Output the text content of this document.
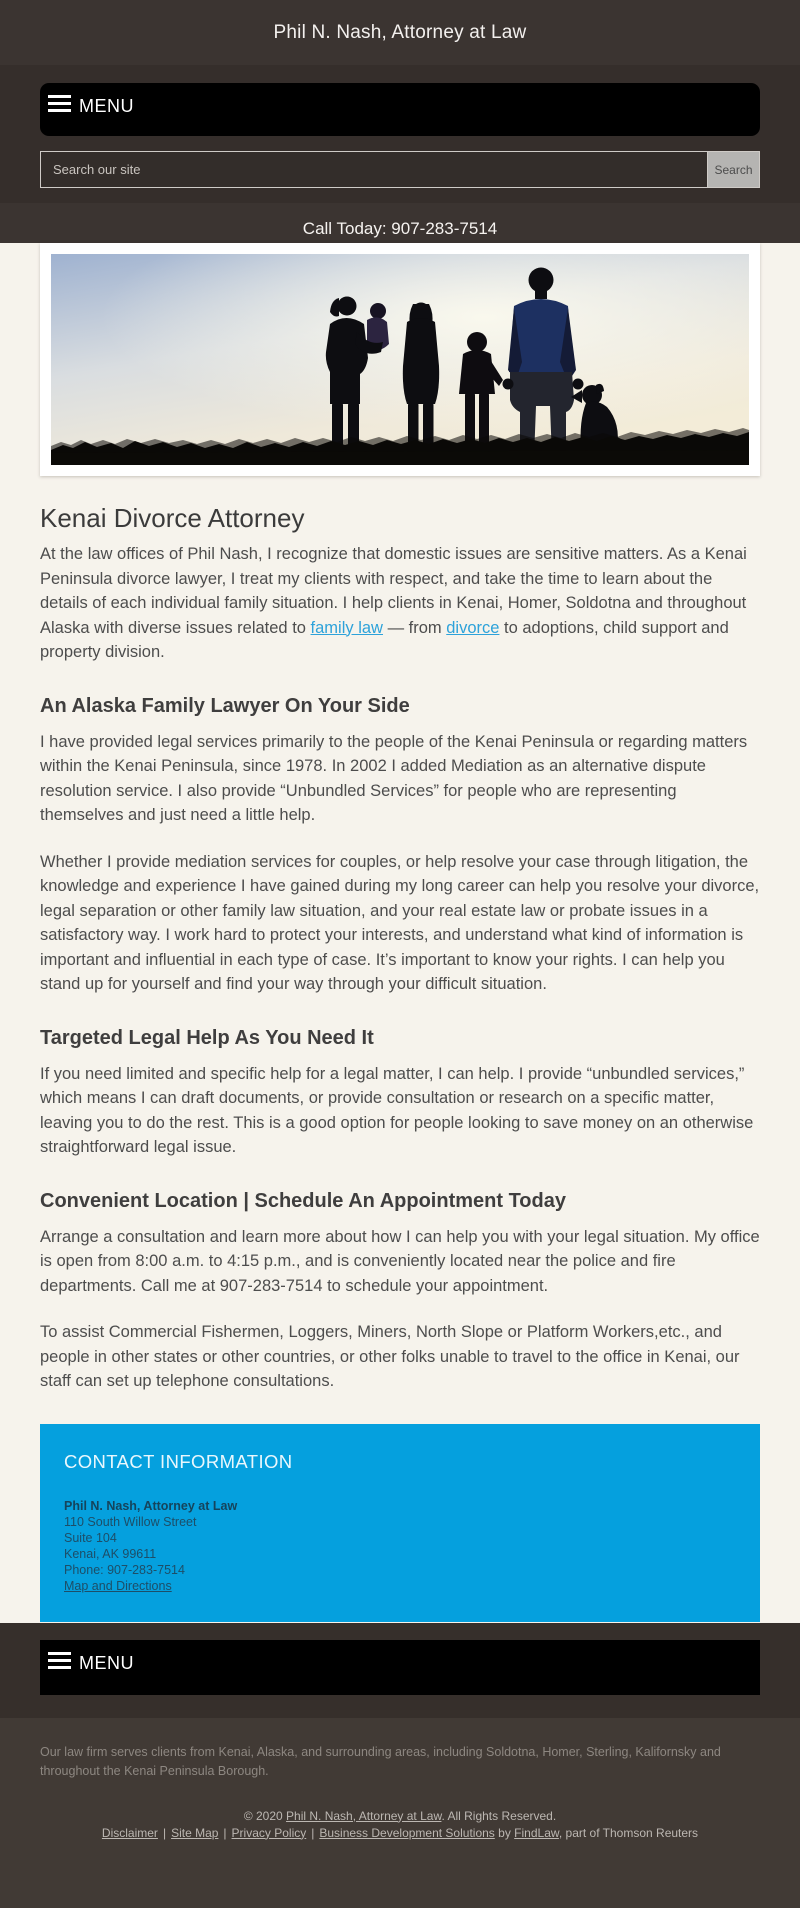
Phil N. Nash, Attorney at Law
MENU
Search our site
Search
Call Today: 907-283-7514
Kenai Divorce Attorney

At the law offices of Phil Nash, I recognize that domestic issues are sensitive matters. As a Kenai Peninsula divorce lawyer, I treat my clients with respect, and take the time to learn about the details of each individual family situation. I help clients in Kenai, Homer, Soldotna and throughout Alaska with diverse issues related to family law — from divorce to adoptions, child support and property division.

An Alaska Family Lawyer On Your Side

I have provided legal services primarily to the people of the Kenai Peninsula or regarding matters within the Kenai Peninsula, since 1978. In 2002 I added Mediation as an alternative dispute resolution service. I also provide “Unbundled Services” for people who are representing themselves and just need a little help.

Whether I provide mediation services for couples, or help resolve your case through litigation, the knowledge and experience I have gained during my long career can help you resolve your divorce, legal separation or other family law situation, and your real estate law or probate issues in a satisfactory way. I work hard to protect your interests, and understand what kind of information is important and influential in each type of case. It’s important to know your rights. I can help you stand up for yourself and find your way through your difficult situation.

Targeted Legal Help As You Need It

If you need limited and specific help for a legal matter, I can help. I provide “unbundled services,” which means I can draft documents, or provide consultation or research on a specific matter, leaving you to do the rest. This is a good option for people looking to save money on an otherwise straightforward legal issue.

Convenient Location | Schedule An Appointment Today

Arrange a consultation and learn more about how I can help you with your legal situation. My office is open from 8:00 a.m. to 4:15 p.m., and is conveniently located near the police and fire departments. Call me at 907-283-7514 to schedule your appointment.

To assist Commercial Fishermen, Loggers, Miners, North Slope or Platform Workers,etc., and people in other states or other countries, or other folks unable to travel to the office in Kenai, our staff can set up telephone consultations.

CONTACT INFORMATION
Phil N. Nash, Attorney at Law
110 South Willow Street
Suite 104
Kenai, AK 99611
Phone: 907-283-7514
Map and Directions
MENU

Our law firm serves clients from Kenai, Alaska, and surrounding areas, including Soldotna, Homer, Sterling, Kalifornsky and throughout the Kenai Peninsula Borough.

© 2020 Phil N. Nash, Attorney at Law. All Rights Reserved.
Disclaimer | Site Map | Privacy Policy | Business Development Solutions by FindLaw, part of Thomson Reuters
